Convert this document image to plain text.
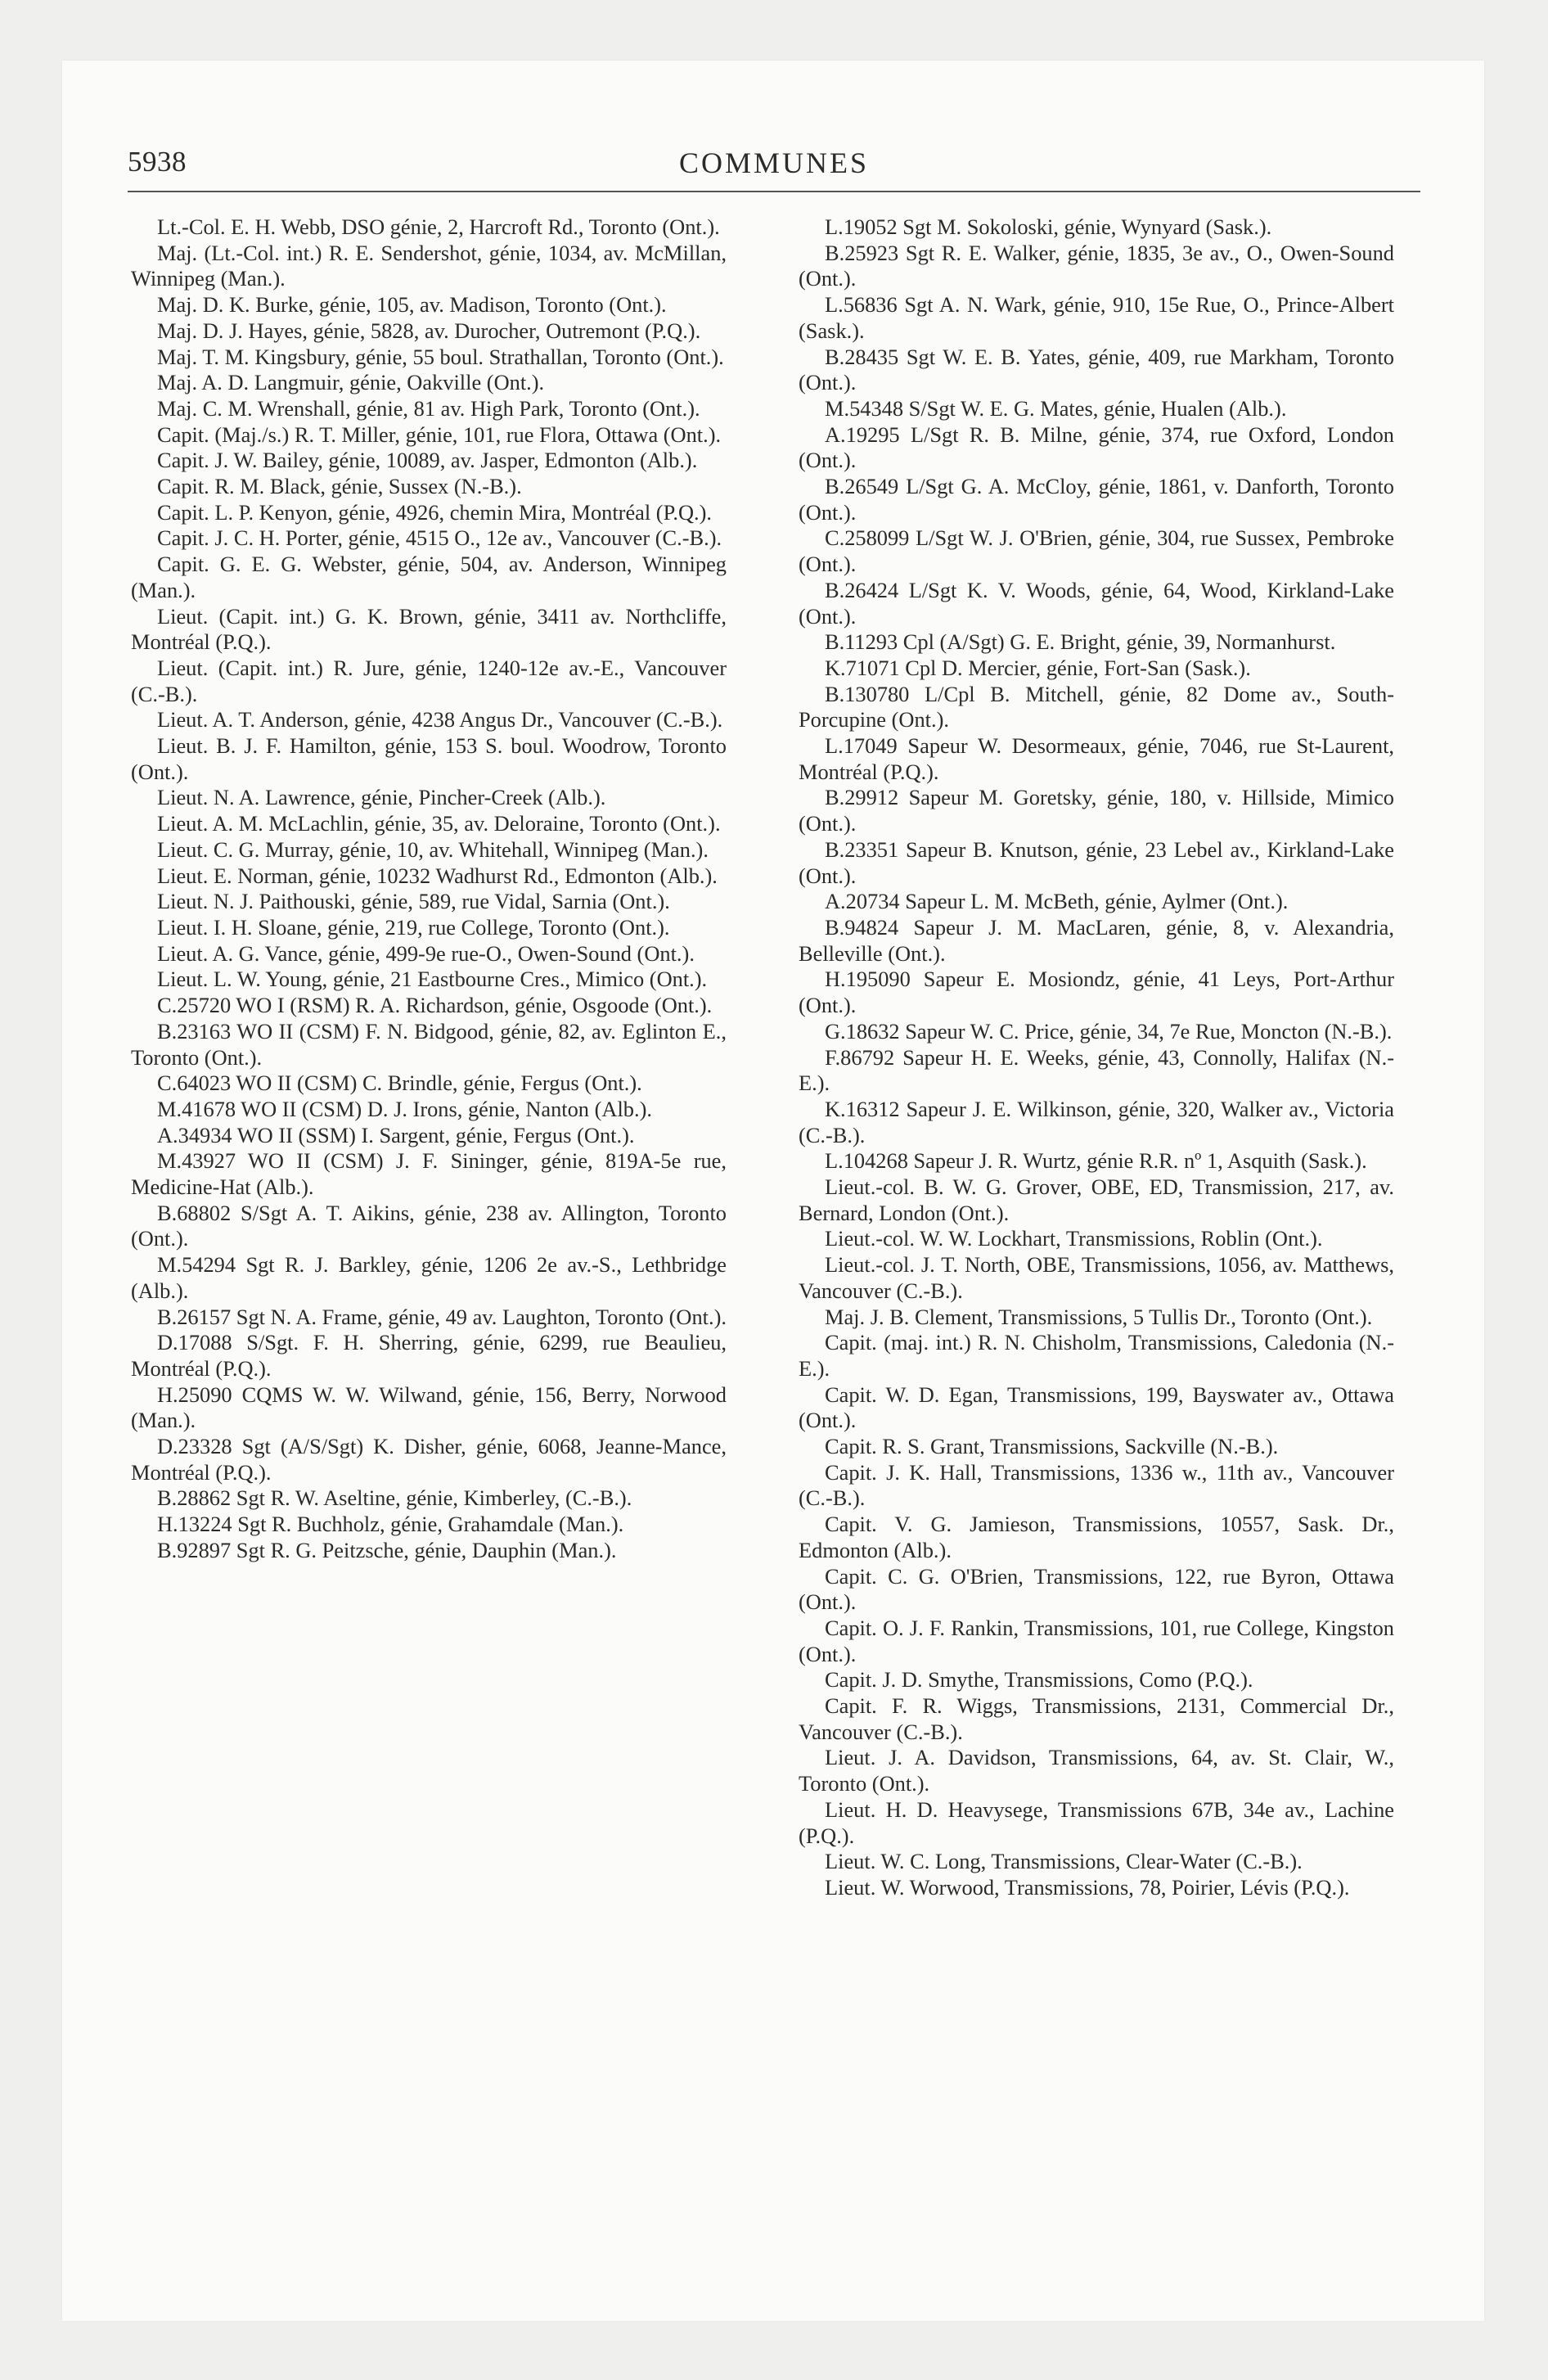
5938	COMMUNES

Lt.-Col. E. H. Webb, DSO génie, 2, Harcroft Rd., Toronto (Ont.).

Maj. (Lt.-Col. int.) R. E. Sendershot, génie, 1034, av. McMillan, Winnipeg (Man.).

Maj. D. K. Burke, génie, 105, av. Madison, Toronto (Ont.).

Maj. D. J. Hayes, génie, 5828, av. Durocher, Outremont (P.Q.).

Maj. T. M. Kingsbury, génie, 55 boul. Strathallan, Toronto (Ont.).

Maj. A. D. Langmuir, génie, Oakville (Ont.).

Maj. C. M. Wrenshall, génie, 81 av. High Park, Toronto (Ont.).

Capit. (Maj./s.) R. T. Miller, génie, 101, rue Flora, Ottawa (Ont.).

Capit. J. W. Bailey, génie, 10089, av. Jasper, Edmonton (Alb.).

Capit. R. M. Black, génie, Sussex (N.-B.).

Capit. L. P. Kenyon, génie, 4926, chemin Mira, Montréal (P.Q.).

Capit. J. C. H. Porter, génie, 4515 O., 12e av., Vancouver (C.-B.).

Capit. G. E. G. Webster, génie, 504, av. Anderson, Winnipeg (Man.).

Lieut. (Capit. int.) G. K. Brown, génie, 3411 av. Northcliffe, Montréal (P.Q.).

Lieut. (Capit. int.) R. Jure, génie, 1240-12e av.-E., Vancouver (C.-B.).

Lieut. A. T. Anderson, génie, 4238 Angus Dr., Vancouver (C.-B.).

Lieut. B. J. F. Hamilton, génie, 153 S. boul. Woodrow, Toronto (Ont.).

Lieut. N. A. Lawrence, génie, Pincher-Creek (Alb.).

Lieut. A. M. McLachlin, génie, 35, av. Deloraine, Toronto (Ont.).

Lieut. C. G. Murray, génie, 10, av. Whitehall, Winnipeg (Man.).

Lieut. E. Norman, génie, 10232 Wadhurst Rd., Edmonton (Alb.).

Lieut. N. J. Paithouski, génie, 589, rue Vidal, Sarnia (Ont.).

Lieut. I. H. Sloane, génie, 219, rue College, Toronto (Ont.).

Lieut. A. G. Vance, génie, 499-9e rue-O., Owen-Sound (Ont.).

Lieut. L. W. Young, génie, 21 Eastbourne Cres., Mimico (Ont.).

C.25720 WO I (RSM) R. A. Richardson, génie, Osgoode (Ont.).

B.23163 WO II (CSM) F. N. Bidgood, génie, 82, av. Eglinton E., Toronto (Ont.).

C.64023 WO II (CSM) C. Brindle, génie, Fergus (Ont.).

M.41678 WO II (CSM) D. J. Irons, génie, Nanton (Alb.).

A.34934 WO II (SSM) I. Sargent, génie, Fergus (Ont.).

M.43927 WO II (CSM) J. F. Sininger, génie, 819A-5e rue, Medicine-Hat (Alb.).

B.68802 S/Sgt A. T. Aikins, génie, 238 av. Allington, Toronto (Ont.).

M.54294 Sgt R. J. Barkley, génie, 1206 2e av.-S., Lethbridge (Alb.).

B.26157 Sgt N. A. Frame, génie, 49 av. Laughton, Toronto (Ont.).

D.17088 S/Sgt. F. H. Sherring, génie, 6299, rue Beaulieu, Montréal (P.Q.).

H.25090 CQMS W. W. Wilwand, génie, 156, Berry, Norwood (Man.).

D.23328 Sgt (A/S/Sgt) K. Disher, génie, 6068, Jeanne-Mance, Montréal (P.Q.).

B.28862 Sgt R. W. Aseltine, génie, Kimberley, (C.-B.).

H.13224 Sgt R. Buchholz, génie, Grahamdale (Man.).

B.92897 Sgt R. G. Peitzsche, génie, Dauphin (Man.).

L.19052 Sgt M. Sokoloski, génie, Wynyard (Sask.).

B.25923 Sgt R. E. Walker, génie, 1835, 3e av., O., Owen-Sound (Ont.).

L.56836 Sgt A. N. Wark, génie, 910, 15e Rue, O., Prince-Albert (Sask.).

B.28435 Sgt W. E. B. Yates, génie, 409, rue Markham, Toronto (Ont.).

M.54348 S/Sgt W. E. G. Mates, génie, Hualen (Alb.).

A.19295 L/Sgt R. B. Milne, génie, 374, rue Oxford, London (Ont.).

B.26549 L/Sgt G. A. McCloy, génie, 1861, v. Danforth, Toronto (Ont.).

C.258099 L/Sgt W. J. O'Brien, génie, 304, rue Sussex, Pembroke (Ont.).

B.26424 L/Sgt K. V. Woods, génie, 64, Wood, Kirkland-Lake (Ont.).

B.11293 Cpl (A/Sgt) G. E. Bright, génie, 39, Normanhurst.

K.71071 Cpl D. Mercier, génie, Fort-San (Sask.).

B.130780 L/Cpl B. Mitchell, génie, 82 Dome av., South-Porcupine (Ont.).

L.17049 Sapeur W. Desormeaux, génie, 7046, rue St-Laurent, Montréal (P.Q.).

B.29912 Sapeur M. Goretsky, génie, 180, v. Hillside, Mimico (Ont.).

B.23351 Sapeur B. Knutson, génie, 23 Lebel av., Kirkland-Lake (Ont.).

A.20734 Sapeur L. M. McBeth, génie, Aylmer (Ont.).

B.94824 Sapeur J. M. MacLaren, génie, 8, v. Alexandria, Belleville (Ont.).

H.195090 Sapeur E. Mosiondz, génie, 41 Leys, Port-Arthur (Ont.).

G.18632 Sapeur W. C. Price, génie, 34, 7e Rue, Moncton (N.-B.).

F.86792 Sapeur H. E. Weeks, génie, 43, Connolly, Halifax (N.-E.).

K.16312 Sapeur J. E. Wilkinson, génie, 320, Walker av., Victoria (C.-B.).

L.104268 Sapeur J. R. Wurtz, génie R.R. nº 1, Asquith (Sask.).

Lieut.-col. B. W. G. Grover, OBE, ED, Transmission, 217, av. Bernard, London (Ont.).

Lieut.-col. W. W. Lockhart, Transmissions, Roblin (Ont.).

Lieut.-col. J. T. North, OBE, Transmissions, 1056, av. Matthews, Vancouver (C.-B.).

Maj. J. B. Clement, Transmissions, 5 Tullis Dr., Toronto (Ont.).

Capit. (maj. int.) R. N. Chisholm, Transmissions, Caledonia (N.-E.).

Capit. W. D. Egan, Transmissions, 199, Bayswater av., Ottawa (Ont.).

Capit. R. S. Grant, Transmissions, Sackville (N.-B.).

Capit. J. K. Hall, Transmissions, 1336 w., 11th av., Vancouver (C.-B.).

Capit. V. G. Jamieson, Transmissions, 10557, Sask. Dr., Edmonton (Alb.).

Capit. C. G. O'Brien, Transmissions, 122, rue Byron, Ottawa (Ont.).

Capit. O. J. F. Rankin, Transmissions, 101, rue College, Kingston (Ont.).

Capit. J. D. Smythe, Transmissions, Como (P.Q.).

Capit. F. R. Wiggs, Transmissions, 2131, Commercial Dr., Vancouver (C.-B.).

Lieut. J. A. Davidson, Transmissions, 64, av. St. Clair, W., Toronto (Ont.).

Lieut. H. D. Heavysege, Transmissions 67B, 34e av., Lachine (P.Q.).

Lieut. W. C. Long, Transmissions, Clear-Water (C.-B.).

Lieut. W. Worwood, Transmissions, 78, Poirier, Lévis (P.Q.).
